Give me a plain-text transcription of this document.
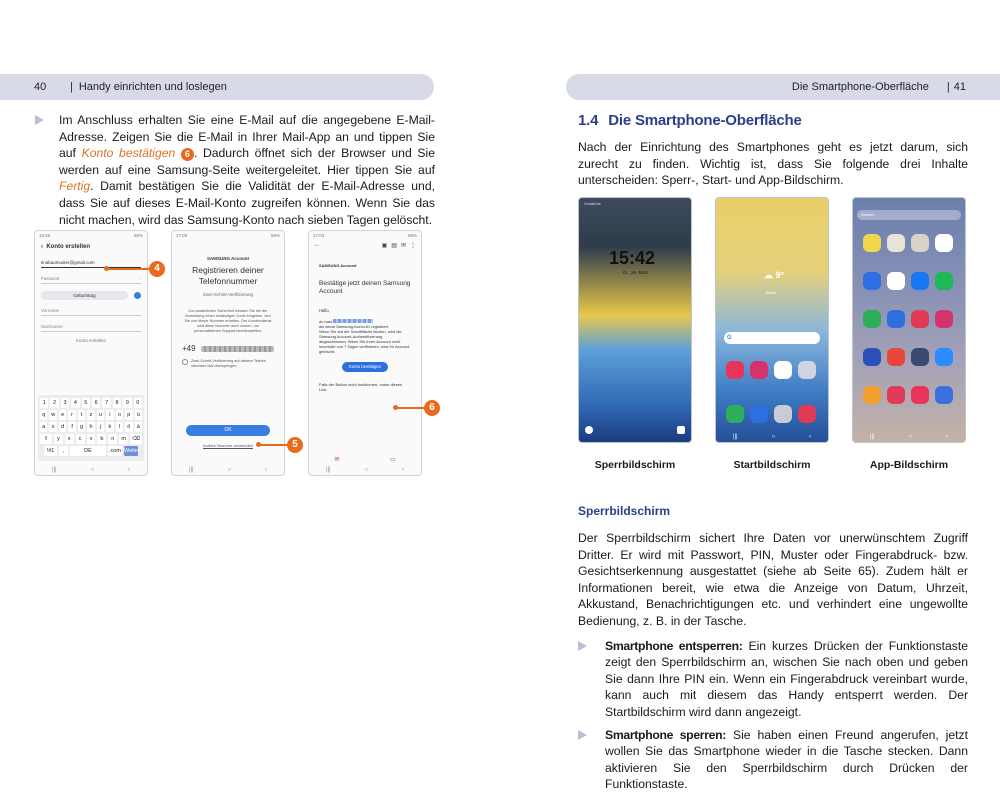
40	| Handy einrichten und loslegen	Die Smartphone-Oberfläche | 41
Im Anschluss erhalten Sie eine E-Mail auf die angegebene E-Mail-Adresse. Zeigen Sie die E-Mail in Ihrer Mail-App an und tippen Sie auf Konto bestätigen 6 . Dadurch öffnet sich der Browser und Sie werden auf eine Samsung-Seite weitergeleitet. Hier tippen Sie auf Fertig. Damit bestätigen Sie die Validität der E-Mail-Adresse und, dass Sie auf dieses E-Mail-Konto zugreifen können. Wenn Sie das nicht machen, wird das Samsung-Konto nach sieben Tagen gelöscht.
16:56	65%
‹  Konto erstellen
tinabaumuster@gmail.com
Passwort	◌
Geburtstag
Vorname
Nachname
Konto erstellen
1	2	3	4	5	6	7	8	9	0
q	w	e	r	t	z	u	i	o	p	ü
a	s	d	f	g	h	j	k	l	ö	ä
⇧	y	x	c	v	b	n	m	⌫
!#1	,	DE	.com Weiter
|||	○	‹
4
17:00	66%
SAMSUNG Account
Registrieren deiner Telefonnummer
Zwei-Schritt-Verifizierung
Zur zusätzlichen Sicherheit müssen Sie bei der Anmeldung einen eindeutigen Code eingeben, den Sie von dieser Nummer erhalten. Der Kundendienst wird diese Nummer auch nutzen, um personalisierten Support bereitzustellen.
+49
Zwei-Schritt-Verifizierung auf diesem Telefon nächstes Mal überspringen
OK
Andere Nummer verwenden
|||	○	‹
5
17:03	66%
←	▣ ▤ ✉ ⋮
SAMSUNG Account
Bestätige jetzt deinen Samsung Account
Hallo,
du hast
als deine Samsung-Konto-ID registriert.
Wenn Sie auf die Schaltfläche klicken, wird die Samsung Account-Authentifizierung abgeschlossen. Wenn Sie Ihren Account nicht innerhalb von 7 Tagen verifizieren, wird Ihr Account gelöscht.
Konto bestätigen
Falls der Button nicht funktioniert, nutze diesen Link.
✉	▭
|||	○	‹
6
1.4 Die Smartphone-Oberfläche
Nach der Einrichtung des Smartphones geht es jetzt darum, sich zurecht zu finden. Wichtig ist, dass Sie folgende drei Inhalte unterscheiden: Sperr-, Start- und App-Bildschirm.
Vodafone
15:42
Di., 26. März	☁ 9°
Berlin
G
|||	○	‹
Suchen
|||	○	‹
Sperrbildschirm	Startbildschirm	App-Bildschirm
Sperrbildschirm
Der Sperrbildschirm sichert Ihre Daten vor unerwünschtem Zugriff Dritter. Er wird mit Passwort, PIN, Muster oder Fingerabdruck- bzw. Gesichtserkennung ausgestattet (siehe ab Seite 65). Zudem hält er Informationen bereit, wie etwa die Anzeige von Datum, Uhrzeit, Akkustand, Benachrichtigungen etc. und verhindert eine ungewollte Bedienung, z. B. in der Tasche.
Smartphone entsperren: Ein kurzes Drücken der Funktionstaste zeigt den Sperrbildschirm an, wischen Sie nach oben und geben Sie dann Ihre PIN ein. Wenn ein Fingerabdruck vereinbart wurde, kann auch mit diesem das Handy entsperrt werden. Der Startbildschirm wird dann angezeigt.
Smartphone sperren: Sie haben einen Freund angerufen, jetzt wollen Sie das Smartphone wieder in die Tasche stecken. Dann aktivieren Sie den Sperrbildschirm durch Drücken der Funktionstaste.
